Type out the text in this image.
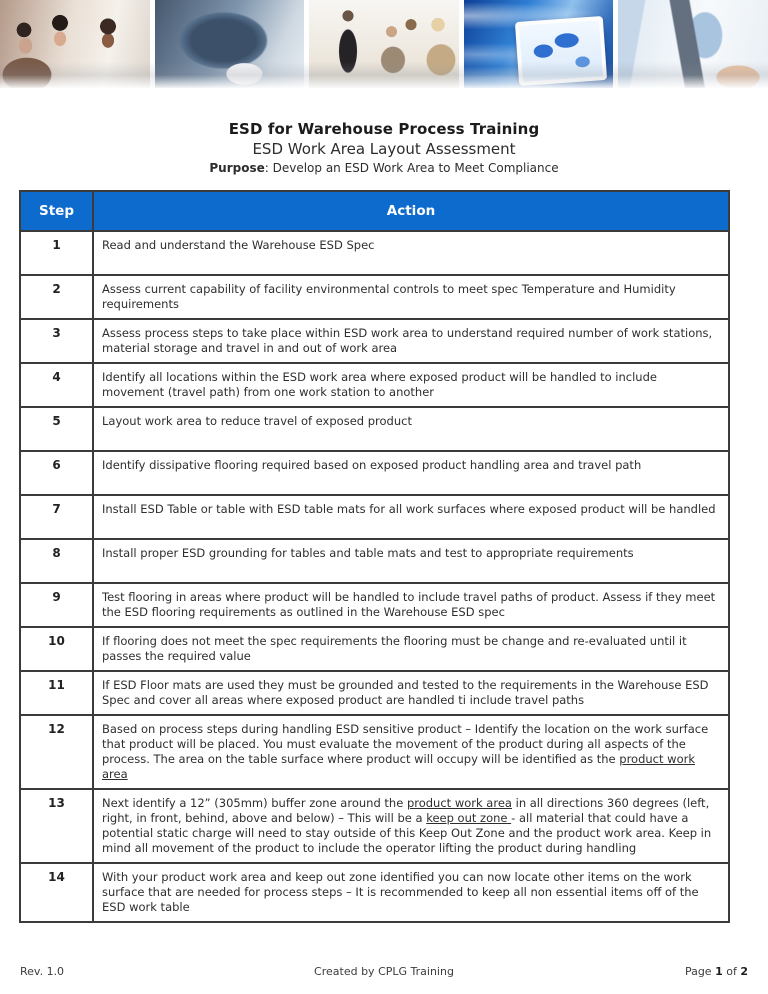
ESD for Warehouse Process Training
ESD Work Area Layout Assessment
Purpose: Develop an ESD Work Area to Meet Compliance
Step	Action
1	Read and understand the Warehouse ESD Spec

2	Assess current capability of facility environmental controls to meet spec Temperature and Humidity requirements

3	Assess process steps to take place within ESD work area to understand required number of work stations, material storage and travel in and out of work area

4	Identify all locations within the ESD work area where exposed product will be handled to include movement (travel path) from one work station to another

5	Layout work area to reduce travel of exposed product

6	Identify dissipative flooring required based on exposed product handling area and travel path

7	Install ESD Table or table with ESD table mats for all work surfaces where exposed product will be handled

8	Install proper ESD grounding for tables and table mats and test to appropriate requirements

9	Test flooring in areas where product will be handled to include travel paths of product. Assess if they meet the ESD flooring requirements as outlined in the Warehouse ESD spec

10	If flooring does not meet the spec requirements the flooring must be change and re-evaluated until it passes the required value

11	If ESD Floor mats are used they must be grounded and tested to the requirements in the Warehouse ESD Spec and cover all areas where exposed product are handled ti include travel paths

12	Based on process steps during handling ESD sensitive product – Identify the location on the work surface that product will be placed. You must evaluate the movement of the product during all aspects of the process. The area on the table surface where product will occupy will be identified as the product work area

13	Next identify a 12” (305mm) buffer zone around the product work area in all directions 360 degrees (left, right, in front, behind, above and below) – This will be a keep out zone - all material that could have a potential static charge will need to stay outside of this Keep Out Zone and the product work area. Keep in mind all movement of the product to include the operator lifting the product during handling

14	With your product work area and keep out zone identified you can now locate other items on the work surface that are needed for process steps – It is recommended to keep all non essential items off of the ESD work table
Rev. 1.0	Created by CPLG Training	Page 1 of 2
